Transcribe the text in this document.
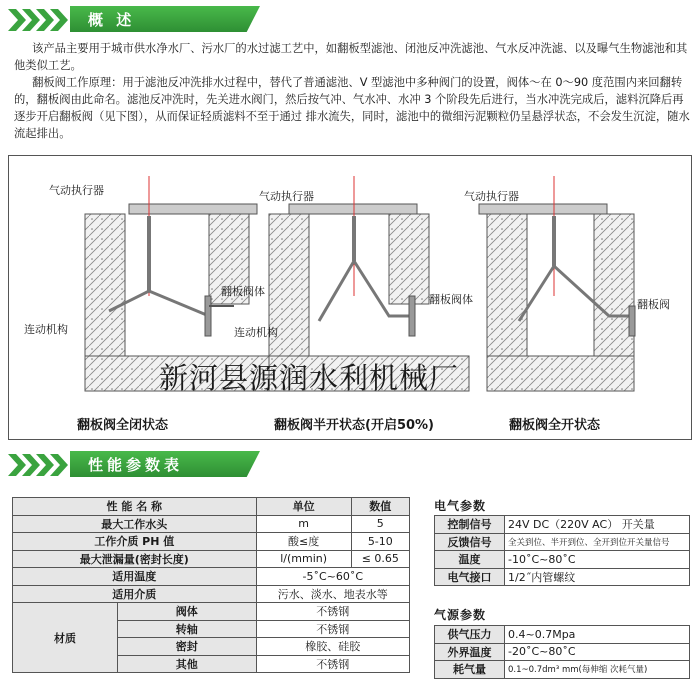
概 述

该产品主要用于城市供水净水厂、污水厂的水过滤工艺中，如翻板型滤池、闭池反冲洗滤池、气水反冲洗滤、以及曝气生物滤池和其他类似工艺。

翻板阀工作原理：用于滤池反冲洗排水过程中，替代了普通滤池、V 型滤池中多种阀门的设置，阀体～在 0～90 度范围内来回翻转的，翻板阀由此命名。滤池反冲洗时，先关进水阀门，然后按气冲、气水冲、水冲 3 个阶段先后进行，当水冲洗完成后，滤料沉降后再逐步开启翻板阀（见下图），从而保证轻质滤料不至于通过 排水流失，同时，滤池中的微细污泥颗粒仍呈悬浮状态，不会发生沉淀，随水流起排出。

气动执行器	气动执行器	气动执行器
翻板阀体
翻板阀体	翻板阀
连动机构	连动机构
新河县源润水利机械厂
翻板阀全闭状态	翻板阀半开状态(开启50%)	翻板阀全开状态
性能参数表
性 能 名 称		单位	数值
最大工作水头		m	5
工作介质 PH 值		酸≤度	5-10
最大泄漏量(密封长度)		l/(mmin)	≤ 0.65
适用温度		-5˚C~60˚C	
适用介质		污水、淡水、地表水等	
材质	阀体	不锈钢	
	转轴	不锈钢	
	密封	橡胶、硅胶	
	其他	不锈钢	
电气参数
控制信号	24V DC（220V AC） 开关量
反馈信号	全关到位、半开到位、全开到位开关量信号
温度	-10˚C~80˚C
电气接口	1/2˝内管螺纹
气源参数
供气压力	0.4~0.7Mpa
外界温度	-20˚C~80˚C
耗气量	0.1~0.7dm³ mm(每伸缩 次耗气量)
